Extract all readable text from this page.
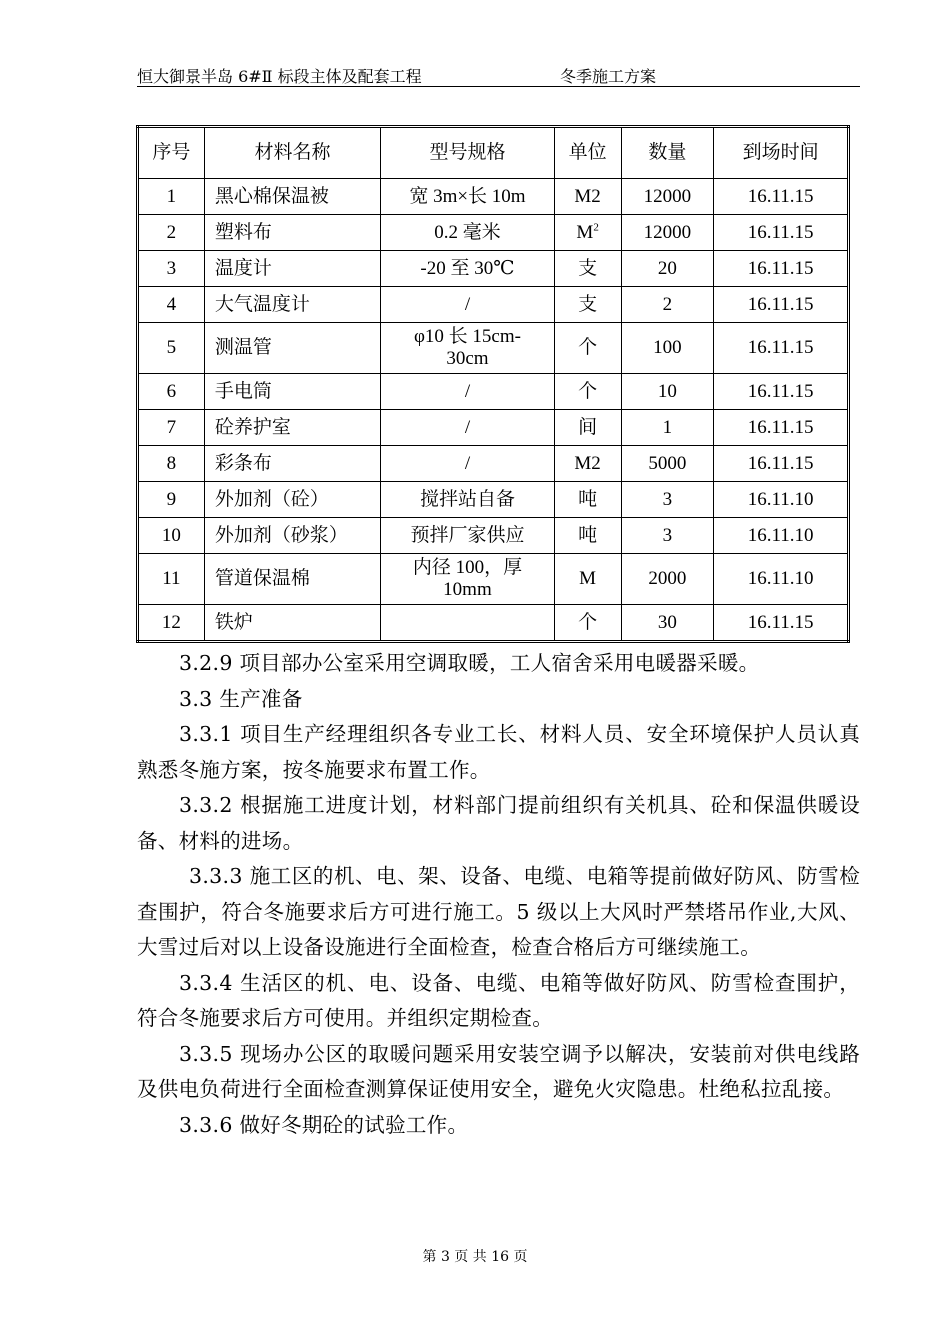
恒大御景半岛 6#Ⅱ 标段主体及配套工程	冬季施工方案
序号	材料名称	型号规格	单位	数量	到场时间
1	黑心棉保温被	宽 3m×长 10m	M2	12000	16.11.15
2	塑料布	0.2 毫米	$M^2$	12000	16.11.15
3	温度计	-20 至 30℃	支	20	16.11.15
4	大气温度计	/	支	2	16.11.15
5	测温管	φ10 长 15cm-30cm	个	100	16.11.15
6	手电筒	/	个	10	16.11.15
7	砼养护室	/	间	1	16.11.15
8	彩条布	/	M2	5000	16.11.15
9	外加剂（砼）	搅拌站自备	吨	3	16.11.10
10	外加剂（砂浆）	预拌厂家供应	吨	3	16.11.10
11	管道保温棉	内径 100，厚 10mm	M	2000	16.11.10
12	铁炉		个	30	16.11.15

3.2.9 项目部办公室采用空调取暖，工人宿舍采用电暖器采暖。

3.3 生产准备

3.3.1 项目生产经理组织各专业工长、材料人员、安全环境保护人员认真熟悉冬施方案，按冬施要求布置工作。

3.3.2 根据施工进度计划，材料部门提前组织有关机具、砼和保温供暖设备、材料的进场。

3.3.3 施工区的机、电、架、设备、电缆、电箱等提前做好防风、防雪检查围护，符合冬施要求后方可进行施工。5 级以上大风时严禁塔吊作业,大风、大雪过后对以上设备设施进行全面检查，检查合格后方可继续施工。

3.3.4 生活区的机、电、设备、电缆、电箱等做好防风、防雪检查围护，符合冬施要求后方可使用。并组织定期检查。

3.3.5 现场办公区的取暖问题采用安装空调予以解决，安装前对供电线路及供电负荷进行全面检查测算保证使用安全，避免火灾隐患。杜绝私拉乱接。

3.3.6 做好冬期砼的试验工作。

第 3 页 共 16 页
